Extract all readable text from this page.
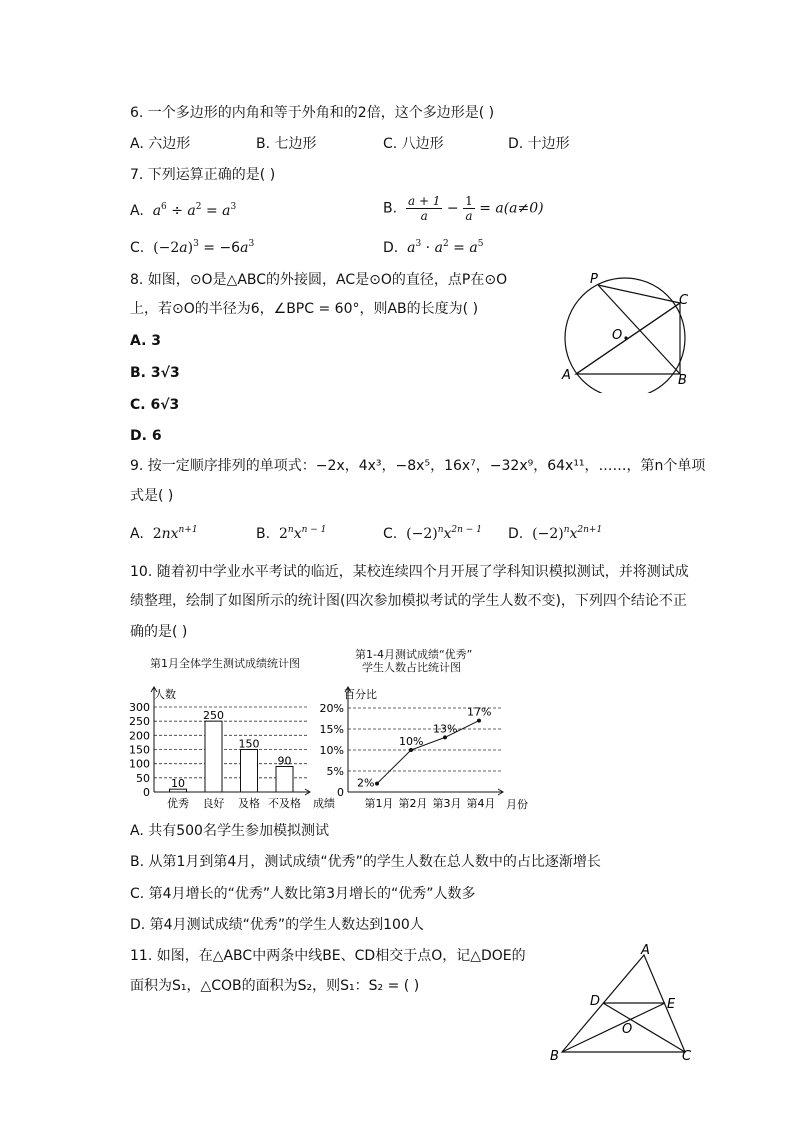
6. 一个多边形的内角和等于外角和的2倍，这个多边形是( )
A. 六边形	B. 七边形	C. 八边形	D. 十边形
7. 下列运算正确的是( )
A. $a^6 \div a^2 = a^3$	B. $\frac{a + 1}{a} - \frac{1}{a} = a(a\ne 0)$
C. $(-2a)^3 = -6a^3$	D. $a^3 \cdot a^2 = a^5$
8. 如图，⊙O是△ABC的外接圆，AC是⊙O的直径，点P在⊙O
上，若⊙O的半径为6，∠BPC = 60°，则AB的长度为( )
A. 3
B. 3√3
C. 6√3
D. 6
P
C
O
A	B
9. 按一定顺序排列的单项式：−2x，4x³，−8x⁵，16x⁷，−32x⁹，64x¹¹，……，第n个单项
式是( )
A. $2nx^{n+1}$	B. $2^nx^{n - 1}$	C. $(-2)^nx^{2n - 1}$ D. $(-2)^nx^{2n+1}$
10. 随着初中学业水平考试的临近，某校连续四个月开展了学科知识模拟测试，并将测试成
绩整理，绘制了如图所示的统计图(四次参加模拟考试的学生人数不变)，下列四个结论不正
确的是( )
第1月全体学生测试成绩统计图
人数
成绩
0
50
100
150
200
250
300
10
250
150
90
优秀 良好 及格 不及格
第1-4月测试成绩“优秀”
学生人数占比统计图
百分比
月份
0
5%
10%
15%
20%
2%
10%
13%
17%
第1月 第2月 第3月 第4月
A. 共有500名学生参加模拟测试
B. 从第1月到第4月，测试成绩“优秀”的学生人数在总人数中的占比逐渐增长
C. 第4月增长的“优秀”人数比第3月增长的“优秀”人数多
D. 第4月测试成绩“优秀”的学生人数达到100人
11. 如图，在△ABC中两条中线BE、CD相交于点O，记△DOE的
面积为S₁，△COB的面积为S₂，则S₁：S₂ = ( )
A
D	E
O
B	C
